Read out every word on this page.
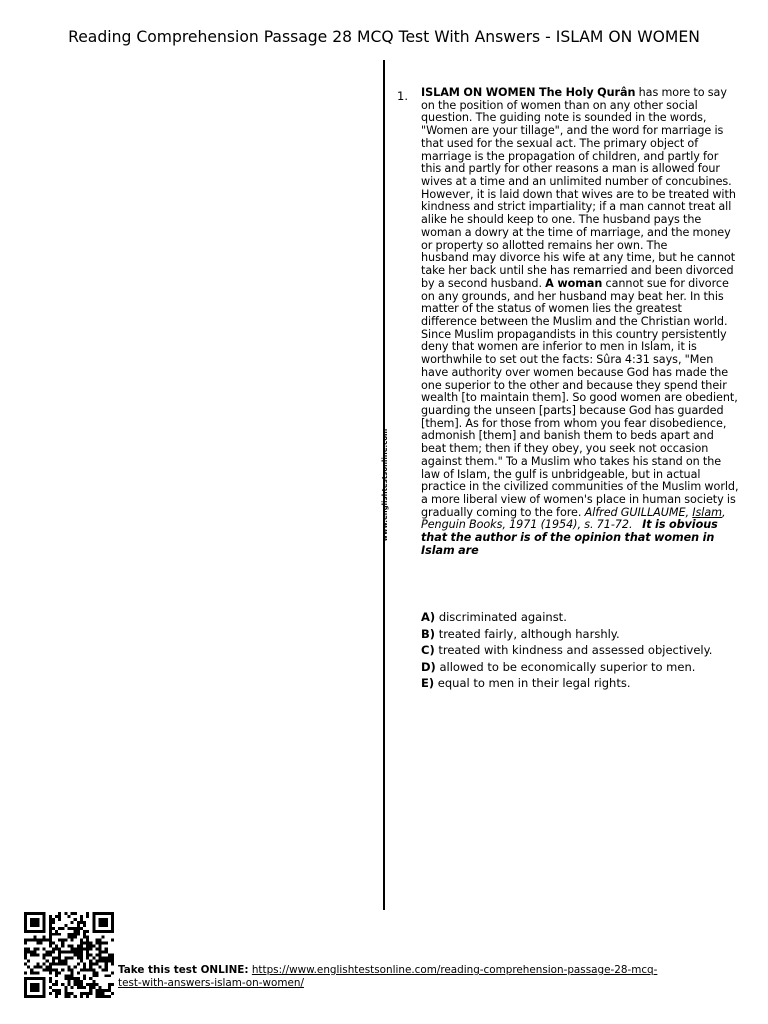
Reading Comprehension Passage 28 MCQ Test With Answers - ISLAM ON WOMEN
www.englishtestsonline.com
1. ISLAM ON WOMEN The Holy Qurân has more to say on the position of women than on any other social question. The guiding note is sounded in the words, "Women are your tillage", and the word for marriage is that used for the sexual act. The primary object of marriage is the propagation of children, and partly for this and partly for other reasons a man is allowed four wives at a time and an unlimited number of concubines. However, it is laid down that wives are to be treated with kindness and strict impartiality; if a man cannot treat all alike he should keep to one. The husband pays the woman a dowry at the time of marriage, and the money or property so allotted remains her own. The
husband may divorce his wife at any time, but he cannot take her back until she has remarried and been divorced by a second husband. A woman cannot sue for divorce on any grounds, and her husband may beat her. In this matter of the status of women lies the greatest difference between the Muslim and the Christian world. Since Muslim propagandists in this country persistently deny that women are inferior to men in Islam, it is worthwhile to set out the facts: Sûra 4:31 says, "Men have authority over women because God has made the one superior to the other and because they spend their wealth [to maintain them]. So good women are obedient, guarding the unseen [parts] because God has guarded [them]. As for those from whom you fear disobedience, admonish [them] and banish them to beds apart and beat them; then if they obey, you seek not occasion against them." To a Muslim who takes his stand on the law of Islam, the gulf is unbridgeable, but in actual practice in the civilized communities of the Muslim world, a more liberal view of women's place in human society is gradually coming to the fore. Alfred GUILLAUME, Islam, Penguin Books, 1971 (1954), s. 71-72. It is obvious that the author is of the opinion that women in Islam are
A) discriminated against.
B) treated fairly, although harshly.
C) treated with kindness and assessed objectively.
D) allowed to be economically superior to men.
E) equal to men in their legal rights.
Take this test ONLINE: https://www.englishtestsonline.com/reading-comprehension-passage-28-mcq-
test-with-answers-islam-on-women/
